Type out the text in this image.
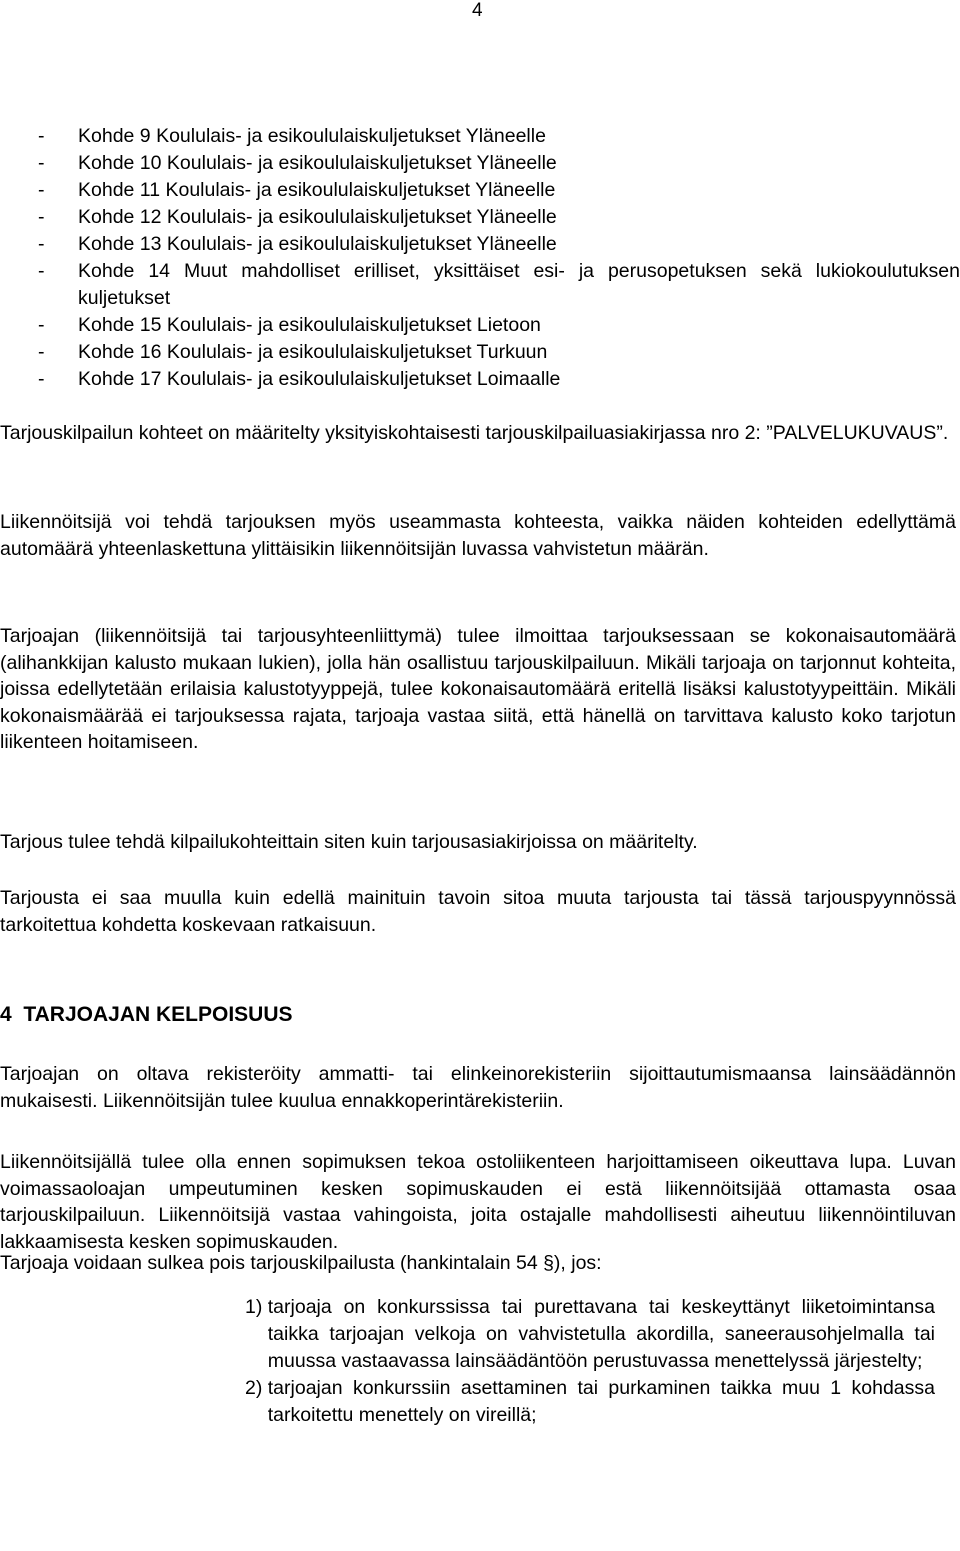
4
-	Kohde 9 Koululais- ja esikoululaiskuljetukset Yläneelle
-	Kohde 10 Koululais- ja esikoululaiskuljetukset Yläneelle
-	Kohde 11 Koululais- ja esikoululaiskuljetukset Yläneelle
-	Kohde 12 Koululais- ja esikoululaiskuljetukset Yläneelle
-	Kohde 13 Koululais- ja esikoululaiskuljetukset Yläneelle
-	Kohde 14 Muut mahdolliset erilliset, yksittäiset esi- ja perusopetuksen sekä lukiokoulutuksen kuljetukset
-	Kohde 15 Koululais- ja esikoululaiskuljetukset Lietoon
-	Kohde 16 Koululais- ja esikoululaiskuljetukset Turkuun
-	Kohde 17 Koululais- ja esikoululaiskuljetukset Loimaalle

Tarjouskilpailun kohteet on määritelty yksityiskohtaisesti tarjouskilpailuasiakirjassa nro 2: ”PALVELUKUVAUS”.

Liikennöitsijä voi tehdä tarjouksen myös useammasta kohteesta, vaikka näiden kohteiden edellyttämä automäärä yhteenlaskettuna ylittäisikin liikennöitsijän luvassa vahvistetun määrän.

Tarjoajan (liikennöitsijä tai tarjousyhteenliittymä) tulee ilmoittaa tarjouksessaan se kokonaisautomäärä (alihankkijan kalusto mukaan lukien), jolla hän osallistuu tarjouskilpailuun. Mikäli tarjoaja on tarjonnut kohteita, joissa edellytetään erilaisia kalustotyyppejä, tulee kokonaisautomäärä eritellä lisäksi kalustotyypeittäin. Mikäli kokonaismäärää ei tarjouksessa rajata, tarjoaja vastaa siitä, että hänellä on tarvittava kalusto koko tarjotun liikenteen hoitamiseen.

Tarjous tulee tehdä kilpailukohteittain siten kuin tarjousasiakirjoissa on määritelty.

Tarjousta ei saa muulla kuin edellä mainituin tavoin sitoa muuta tarjousta tai tässä tarjouspyynnössä tarkoitettua kohdetta koskevaan ratkaisuun.

4 TARJOAJAN KELPOISUUS

Tarjoajan on oltava rekisteröity ammatti- tai elinkeinorekisteriin sijoittautumismaansa lainsäädännön mukaisesti. Liikennöitsijän tulee kuulua ennakkoperintärekisteriin.

Liikennöitsijällä tulee olla ennen sopimuksen tekoa ostoliikenteen harjoittamiseen oikeuttava lupa. Luvan voimassaoloajan umpeutuminen kesken sopimuskauden ei estä liikennöitsijää ottamasta osaa tarjouskilpailuun. Liikennöitsijä vastaa vahingoista, joita ostajalle mahdollisesti aiheutuu liikennöintiluvan lakkaamisesta kesken sopimuskauden.

Tarjoaja voidaan sulkea pois tarjouskilpailusta (hankintalain 54 §), jos:

1)
tarjoaja on konkurssissa tai purettavana tai keskeyttänyt liiketoimintansa taikka tarjoajan velkoja on vahvistetulla akordilla, saneerausohjelmalla tai muussa vastaavassa lainsäädäntöön perustuvassa menettelyssä järjestelty;
2)
tarjoajan konkurssiin asettaminen tai purkaminen taikka muu 1 kohdassa tarkoitettu menettely on vireillä;
